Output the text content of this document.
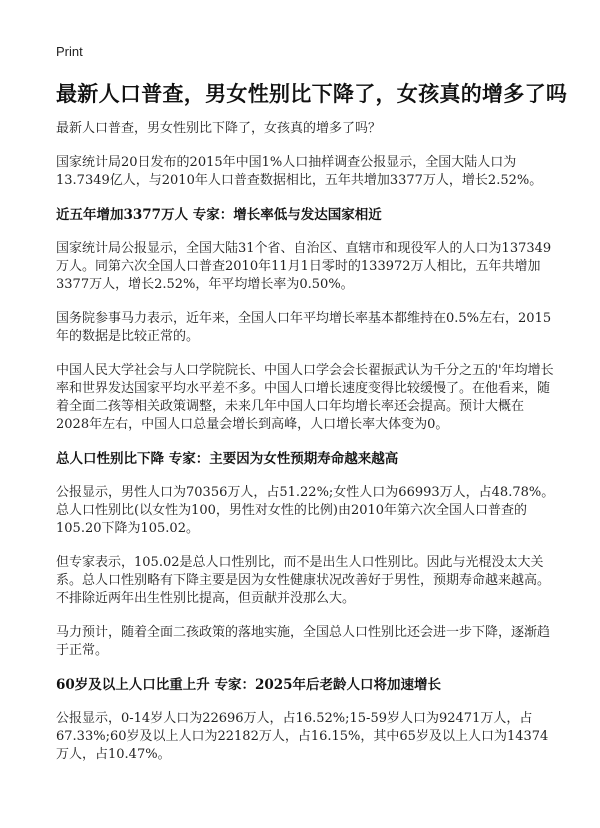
Print
最新人口普查，男女性别比下降了，女孩真的增多了吗

最新人口普查，男女性别比下降了，女孩真的增多了吗？

国家统计局20日发布的2015年中国1%人口抽样调查公报显示，全国大陆人口为13.7349亿人，与2010年人口普查数据相比，五年共增加3377万人，增长2.52%。

近五年增加3377万人 专家：增长率低与发达国家相近

国家统计局公报显示，全国大陆31个省、自治区、直辖市和现役军人的人口为137349万人。同第六次全国人口普查2010年11月1日零时的133972万人相比，五年共增加3377万人，增长2.52%，年平均增长率为0.50%。

国务院参事马力表示，近年来，全国人口年平均增长率基本都维持在0.5%左右，2015年的数据是比较正常的。

中国人民大学社会与人口学院院长、中国人口学会会长翟振武认为千分之五的'年均增长率和世界发达国家平均水平差不多。中国人口增长速度变得比较缓慢了。在他看来，随着全面二孩等相关政策调整，未来几年中国人口年均增长率还会提高。预计大概在2028年左右，中国人口总量会增长到高峰，人口增长率大体变为0。

总人口性别比下降 专家：主要因为女性预期寿命越来越高

公报显示，男性人口为70356万人，占51.22%;女性人口为66993万人，占48.78%。总人口性别比(以女性为100，男性对女性的比例)由2010年第六次全国人口普查的105.20下降为105.02。

但专家表示，105.02是总人口性别比，而不是出生人口性别比。因此与光棍没太大关系。总人口性别略有下降主要是因为女性健康状况改善好于男性，预期寿命越来越高。不排除近两年出生性别比提高，但贡献并没那么大。

马力预计，随着全面二孩政策的落地实施，全国总人口性别比还会进一步下降，逐渐趋于正常。

60岁及以上人口比重上升 专家：2025年后老龄人口将加速增长

公报显示，0-14岁人口为22696万人，占16.52%;15-59岁人口为92471万人，占67.33%;60岁及以上人口为22182万人，占16.15%，其中65岁及以上人口为14374万人，占10.47%。
